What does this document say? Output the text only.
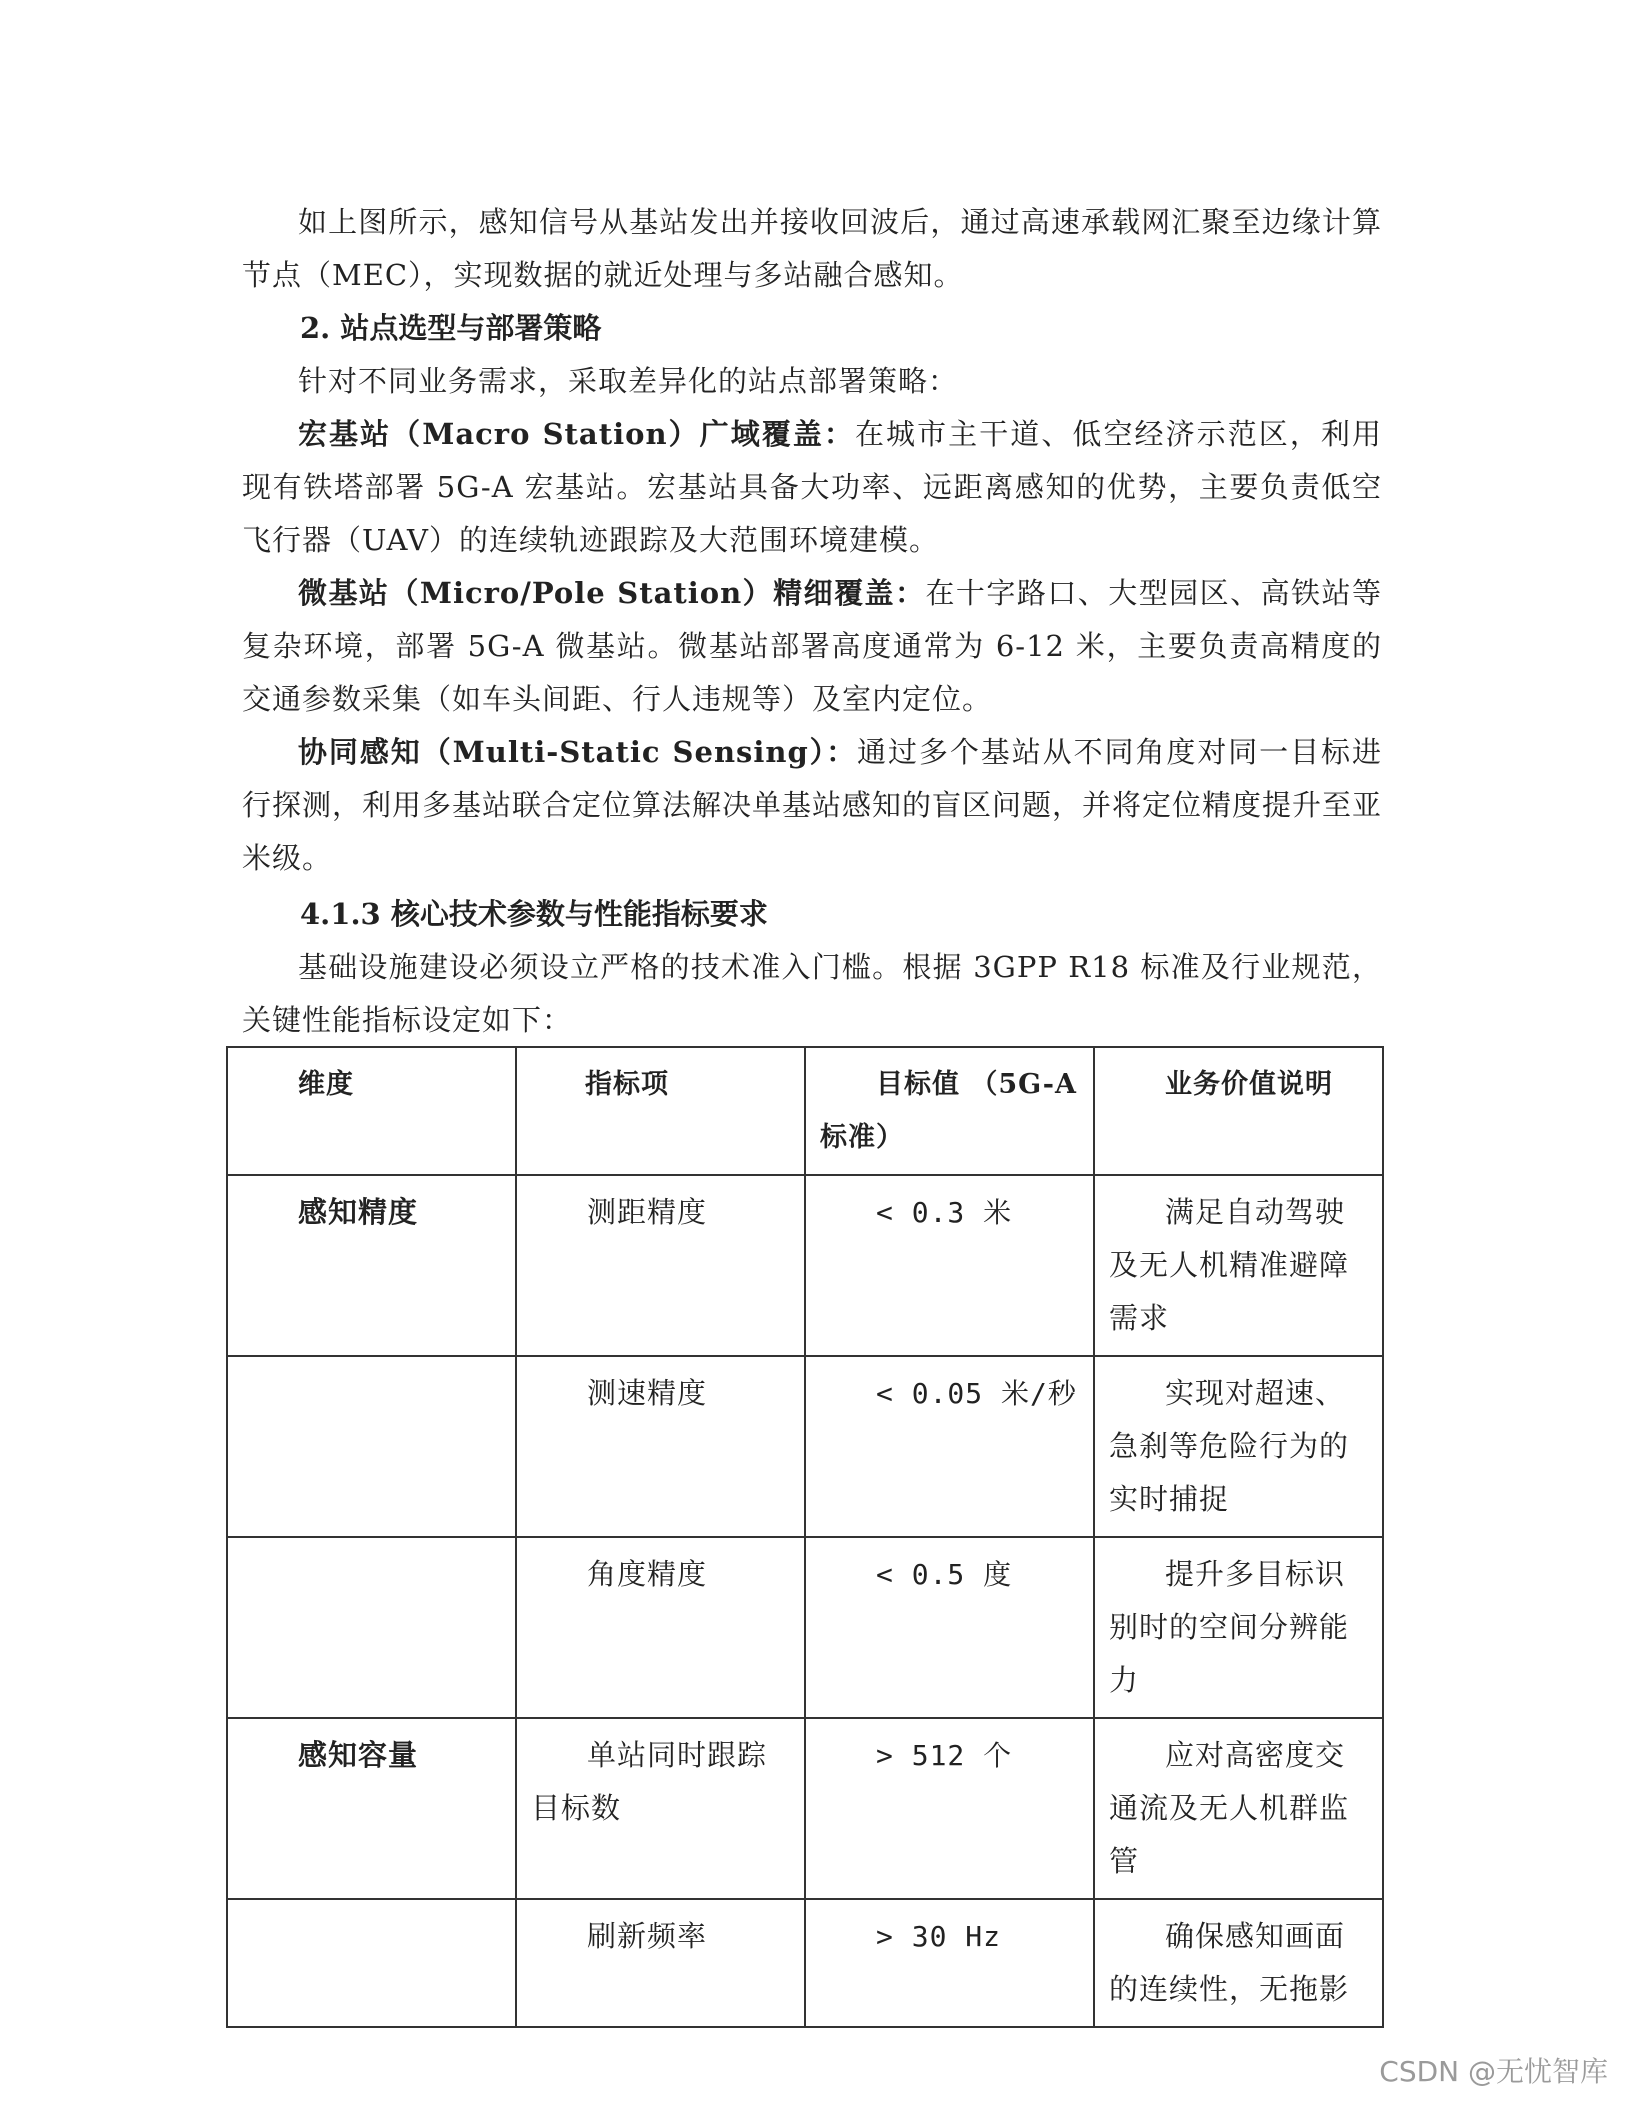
如上图所示，感知信号从基站发出并接收回波后，通过高速承载网汇聚至边缘计算节点（MEC），实现数据的就近处理与多站融合感知。

2. 站点选型与部署策略

针对不同业务需求，采取差异化的站点部署策略：

宏基站（Macro Station）广域覆盖：在城市主干道、低空经济示范区，利用现有铁塔部署 5G-A 宏基站。宏基站具备大功率、远距离感知的优势，主要负责低空飞行器（UAV）的连续轨迹跟踪及大范围环境建模。

微基站（Micro/Pole Station）精细覆盖：在十字路口、大型园区、高铁站等复杂环境，部署 5G-A 微基站。微基站部署高度通常为 6-12 米，主要负责高精度的交通参数采集（如车头间距、行人违规等）及室内定位。

协同感知（Multi-Static Sensing）：通过多个基站从不同角度对同一目标进行探测，利用多基站联合定位算法解决单基站感知的盲区问题，并将定位精度提升至亚米级。

4.1.3 核心技术参数与性能指标要求

基础设施建设必须设立严格的技术准入门槛。根据 3GPP R18 标准及行业规范，关键性能指标设定如下：

维度	指标项	目标值 （5G-A 标准）	业务价值说明
感知精度	测距精度	< 0.3 米	满足自动驾驶及无人机精准避障需求
	测速精度	< 0.05 米/秒	实现对超速、急刹等危险行为的实时捕捉
	角度精度	< 0.5 度	提升多目标识别时的空间分辨能力
感知容量	单站同时跟踪目标数	> 512 个	应对高密度交通流及无人机群监管
	刷新频率	> 30 Hz	确保感知画面的连续性，无拖影
CSDN @无忧智库
